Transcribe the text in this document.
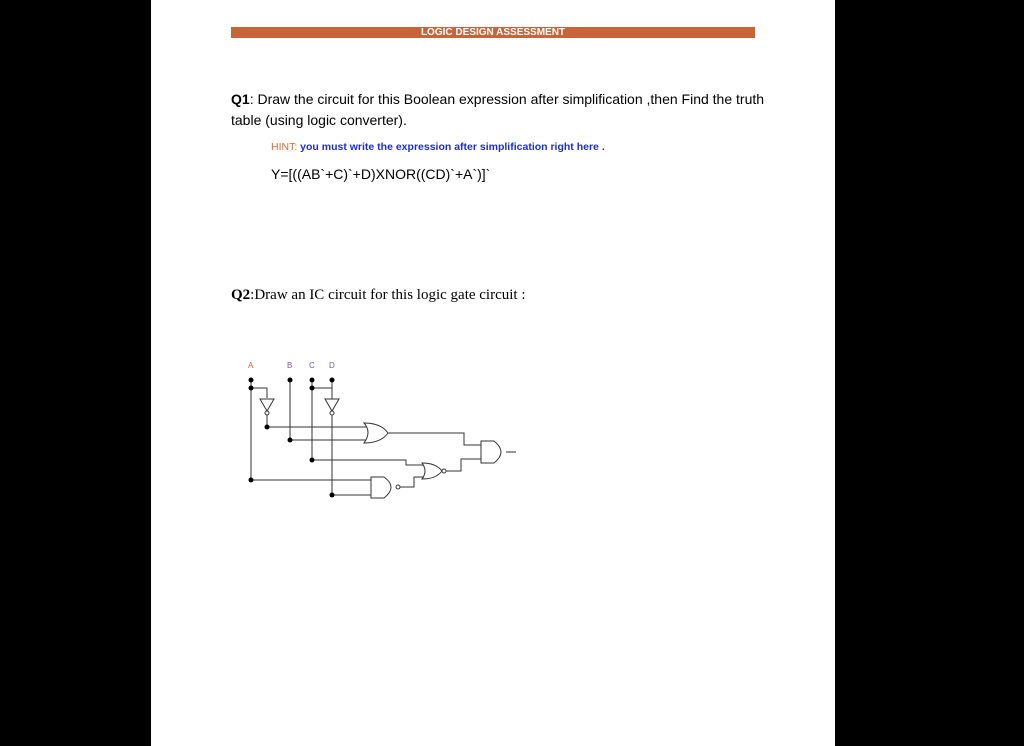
LOGIC DESIGN ASSESSMENT
Q1: Draw the circuit for this Boolean expression after simplification ,then Find the truth table (using logic converter).
HINT: you must write the expression after simplification right here .
Y=[((AB`+C)`+D)XNOR((CD)`+A`)]`
Q2:Draw an IC circuit for this logic gate circuit :
A	B C D
